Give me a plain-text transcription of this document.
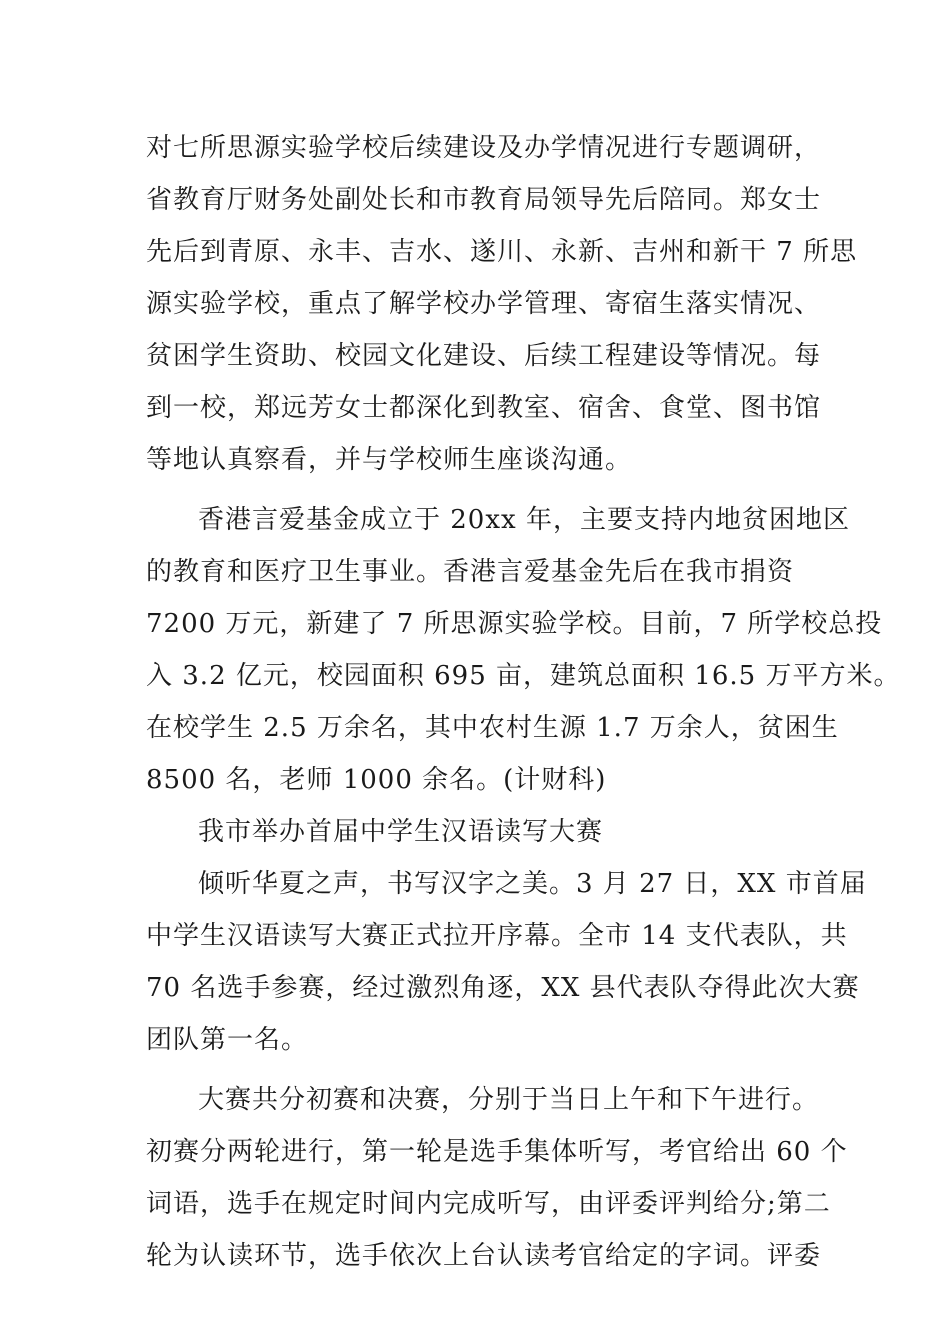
对七所思源实验学校后续建设及办学情况进行专题调研，
省教育厅财务处副处长和市教育局领导先后陪同。郑女士
先后到青原、永丰、吉水、遂川、永新、吉州和新干 7 所思
源实验学校，重点了解学校办学管理、寄宿生落实情况、
贫困学生资助、校园文化建设、后续工程建设等情况。每
到一校，郑远芳女士都深化到教室、宿舍、食堂、图书馆
等地认真察看，并与学校师生座谈沟通。
香港言爱基金成立于 20xx 年，主要支持内地贫困地区
的教育和医疗卫生事业。香港言爱基金先后在我市捐资
7200 万元，新建了 7 所思源实验学校。目前，7 所学校总投
入 3.2 亿元，校园面积 695 亩，建筑总面积 16.5 万平方米。
在校学生 2.5 万余名，其中农村生源 1.7 万余人，贫困生
8500 名，老师 1000 余名。(计财科)
我市举办首届中学生汉语读写大赛
倾听华夏之声，书写汉字之美。3 月 27 日，XX 市首届
中学生汉语读写大赛正式拉开序幕。全市 14 支代表队，共
70 名选手参赛，经过激烈角逐，XX 县代表队夺得此次大赛
团队第一名。
大赛共分初赛和决赛，分别于当日上午和下午进行。
初赛分两轮进行，第一轮是选手集体听写，考官给出 60 个
词语，选手在规定时间内完成听写，由评委评判给分;第二
轮为认读环节，选手依次上台认读考官给定的字词。评委
